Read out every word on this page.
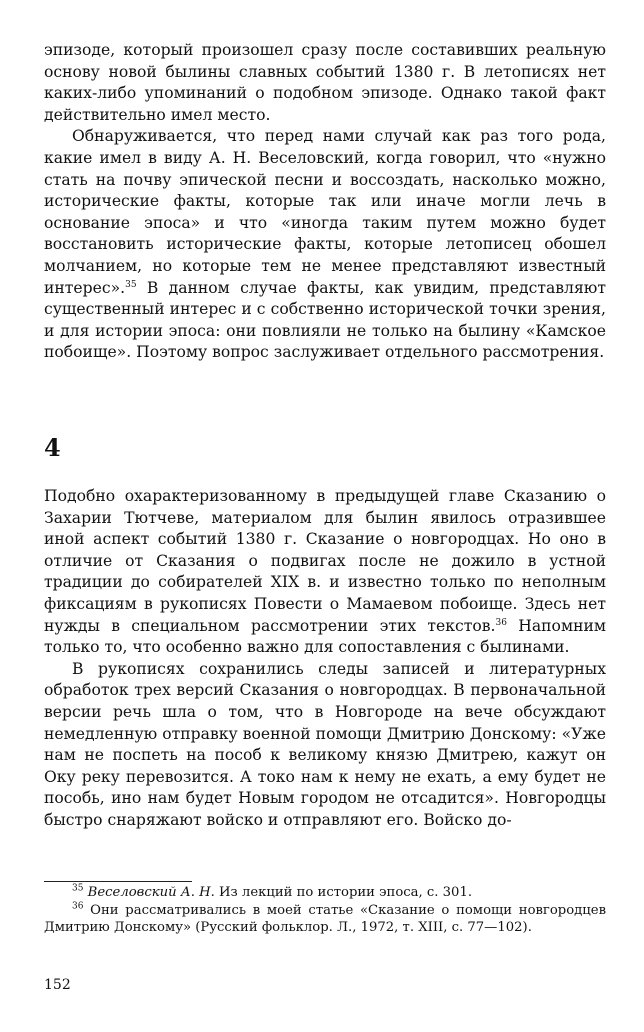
эпизоде, который произошел сразу после составивших реальную основу новой былины славных событий 1380 г. В летописях нет каких-либо упоминаний о подобном эпизоде. Однако такой факт действительно имел место.

Обнаруживается, что перед нами случай как раз того рода, какие имел в виду А. Н. Веселовский, когда говорил, что «нужно стать на почву эпической песни и воссоздать, насколько можно, исторические факты, которые так или иначе могли лечь в основание эпоса» и что «иногда таким путем можно будет восстановить исторические факты, которые летописец обошел молчанием, но которые тем не менее представляют известный интерес».$^{35}$ В данном случае факты, как увидим, представляют существенный интерес и с собственно исторической точки зрения, и для истории эпоса: они повлияли не только на былину «Камское побоище». Поэтому вопрос заслуживает отдельного рассмотрения.

4

Подобно охарактеризованному в предыдущей главе Сказанию о Захарии Тютчеве, материалом для былин явилось отразившее иной аспект событий 1380 г. Сказание о новгородцах. Но оно в отличие от Сказания о подвигах после не дожило в устной традиции до собирателей XIX в. и известно только по неполным фиксациям в рукописях Повести о Мамаевом побоище. Здесь нет нужды в специальном рассмотрении этих текстов.$^{36}$ Напомним только то, что особенно важно для сопоставления с былинами.

В рукописях сохранились следы записей и литературных обработок трех версий Сказания о новгородцах. В первоначальной версии речь шла о том, что в Новгороде на вече обсуждают немедленную отправку военной помощи Дмитрию Донскому: «Уже нам не поспеть на пособ к великому князю Дмитрею, кажут он Оку реку перевозится. А токо нам к нему не ехать, а ему будет не пособь, ино нам будет Новым городом не отсадится». Новгородцы быстро снаряжают войско и отправляют его. Войско до-

$^{35}$ Веселовский А. Н. Из лекций по истории эпоса, с. 301.

$^{36}$ Они рассматривались в моей статье «Сказание о помощи новгородцев Дмитрию Донскому» (Русский фольклор. Л., 1972, т. XIII, с. 77—102).

152
